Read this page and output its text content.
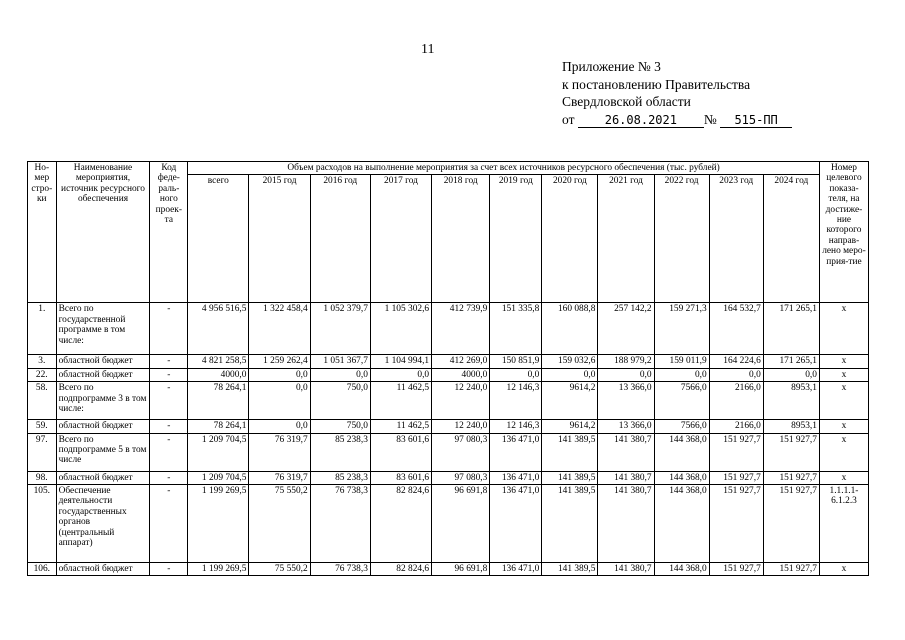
11
Приложение № 3
к постановлению Правительства
Свердловской области
от	26.08.2021 № 515-ПП
Но-мер стро-ки	Наименование мероприятия, источник ресурсного обеспечения	Код феде-раль-ного проек-та	Объем расходов на выполнение мероприятия за счет всех источников ресурсного обеспечения (тыс. рублей)											Номер целевого показа-теля, на достиже-ние которого направ-лено меро-прия-тие
			всего	2015 год	2016 год	2017 год	2018 год	2019 год	2020 год	2021 год	2022 год	2023 год	2024 год	
1.	Всего по государственной программе в том числе:	-	4 956 516,5	1 322 458,4	1 052 379,7	1 105 302,6	412 739,9	151 335,8	160 088,8	257 142,2	159 271,3	164 532,7	171 265,1	x
3.	областной бюджет	-	4 821 258,5	1 259 262,4	1 051 367,7	1 104 994,1	412 269,0	150 851,9	159 032,6	188 979,2	159 011,9	164 224,6	171 265,1	x
22.	областной бюджет	-	4000,0	0,0	0,0	0,0	4000,0	0,0	0,0	0,0	0,0	0,0	0,0	x
58.	Всего по подпрограмме 3 в том числе:	-	78 264,1	0,0	750,0	11 462,5	12 240,0	12 146,3	9614,2	13 366,0	7566,0	2166,0	8953,1	x
59.	областной бюджет	-	78 264,1	0,0	750,0	11 462,5	12 240,0	12 146,3	9614,2	13 366,0	7566,0	2166,0	8953,1	x
97.	Всего по подпрограмме 5 в том числе	-	1 209 704,5	76 319,7	85 238,3	83 601,6	97 080,3	136 471,0	141 389,5	141 380,7	144 368,0	151 927,7	151 927,7	x
98.	областной бюджет	-	1 209 704,5	76 319,7	85 238,3	83 601,6	97 080,3	136 471,0	141 389,5	141 380,7	144 368,0	151 927,7	151 927,7	x
105.	Обеспечение деятельности государственных органов (центральный аппарат)	-	1 199 269,5	75 550,2	76 738,3	82 824,6	96 691,8	136 471,0	141 389,5	141 380,7	144 368,0	151 927,7	151 927,7	1.1.1.1-6.1.2.3
106.	областной бюджет	-	1 199 269,5	75 550,2	76 738,3	82 824,6	96 691,8	136 471,0	141 389,5	141 380,7	144 368,0	151 927,7	151 927,7	x
